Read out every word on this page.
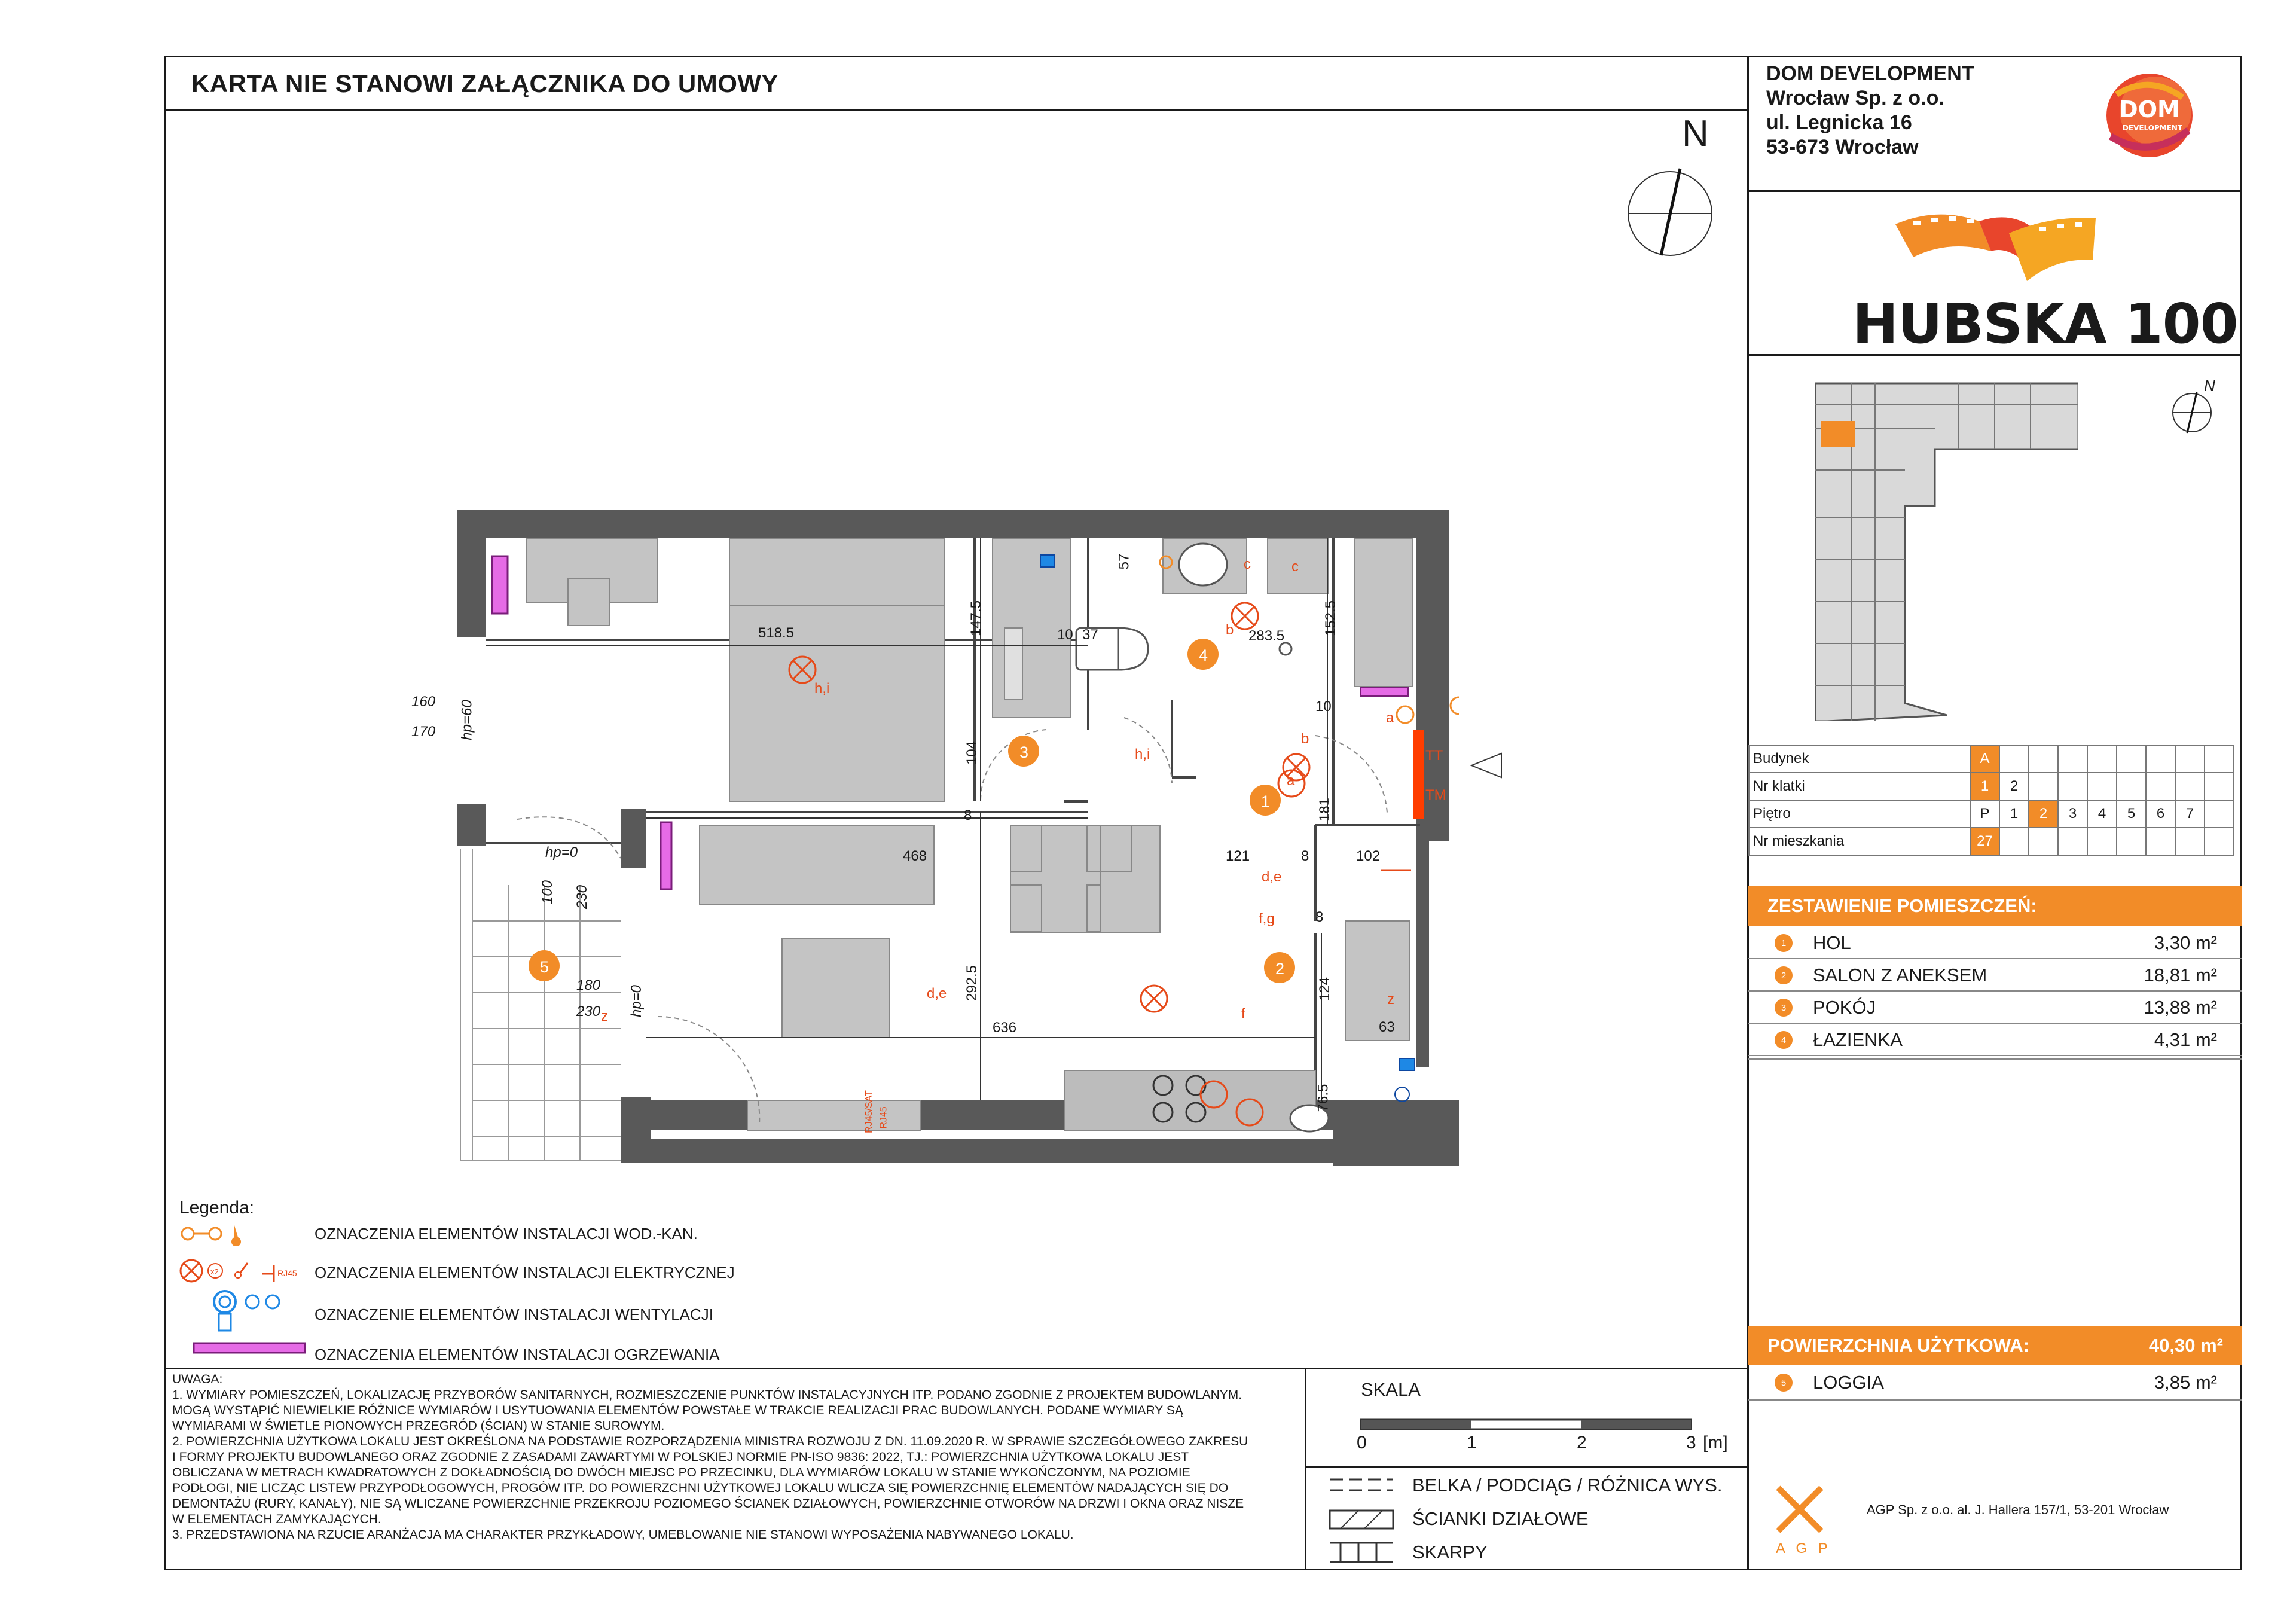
KARTA NIE STANOWI ZAŁĄCZNIKA DO UMOWY	DOM DEVELOPMENT
Wrocław Sp. z o.o.
ul. Legnicka 16
53-673 Wrocław
DOM
DEVELOPMENT
HUBSKA 100
N
Budynek	A								
Nr klatki	1	2							
Piętro	P	1	2	3	4	5	6	7	
Nr mieszkania	27								
ZESTAWIENIE POMIESZCZEŃ:
1	HOL	3,30 m²
2	SALON Z ANEKSEM	18,81 m²
3	POKÓJ	13,88 m²
4	ŁAZIENKA	4,31 m²
POWIERZCHNIA UŻYTKOWA:	40,30 m²
5	LOGGIA	3,85 m²
A G P
AGP Sp. z o.o. al. J. Hallera 157/1, 53-201 Wrocław
N
1
2
3
4
5
518.5	147.5	10 37
57
283.5	152.5
104
8
10
181
468	121	8	102
8
292.5	124
636	63
76.5
160
170 hp=60
hp=0
100 230
180
230 hp=0
h,i
h,i
a
b
b
c	c
a
TT
TM
d,e
f,g
d,e
f
z
z
RJ45
RJ45/SAT
Legenda:
OZNACZENIA ELEMENTÓW INSTALACJI WOD.-KAN.
x2	RJ45 OZNACZENIA ELEMENTÓW INSTALACJI ELEKTRYCZNEJ
OZNACZENIE ELEMENTÓW INSTALACJI WENTYLACJI
OZNACZENIA ELEMENTÓW INSTALACJI OGRZEWANIA
UWAGA:
1. WYMIARY POMIESZCZEŃ, LOKALIZACJĘ PRZYBORÓW SANITARNYCH, ROZMIESZCZENIE PUNKTÓW INSTALACYJNYCH ITP. PODANO ZGODNIE Z PROJEKTEM BUDOWLANYM.
MOGĄ WYSTĄPIĆ NIEWIELKIE RÓŻNICE WYMIARÓW I USYTUOWANIA ELEMENTÓW POWSTAŁE W TRAKCIE REALIZACJI PRAC BUDOWLANYCH. PODANE WYMIARY SĄ
WYMIARAMI W ŚWIETLE PIONOWYCH PRZEGRÓD (ŚCIAN) W STANIE SUROWYM.
2. POWIERZCHNIA UŻYTKOWA LOKALU JEST OKREŚLONA NA PODSTAWIE ROZPORZĄDZENIA MINISTRA ROZWOJU Z DN. 11.09.2020 R. W SPRAWIE SZCZEGÓŁOWEGO ZAKRESU
I FORMY PROJEKTU BUDOWLANEGO ORAZ ZGODNIE Z ZASADAMI ZAWARTYMI W POLSKIEJ NORMIE PN-ISO 9836: 2022, TJ.: POWIERZCHNIA UŻYTKOWA LOKALU JEST
OBLICZANA W METRACH KWADRATOWYCH Z DOKŁADNOŚCIĄ DO DWÓCH MIEJSC PO PRZECINKU, DLA WYMIARÓW LOKALU W STANIE WYKOŃCZONYM, NA POZIOMIE
PODŁOGI, NIE LICZĄC LISTEW PRZYPODŁOGOWYCH, PROGÓW ITP. DO POWIERZCHNI UŻYTKOWEJ LOKALU WLICZA SIĘ POWIERZCHNIĘ ELEMENTÓW NADAJĄCYCH SIĘ DO
DEMONTAŻU (RURY, KANAŁY), NIE SĄ WLICZANE POWIERZCHNIE PRZEKROJU POZIOMEGO ŚCIANEK DZIAŁOWYCH, POWIERZCHNIE OTWORÓW NA DRZWI I OKNA ORAZ NISZE
W ELEMENTACH ZAMYKAJĄCYCH.
3. PRZEDSTAWIONA NA RZUCIE ARANŻACJA MA CHARAKTER PRZYKŁADOWY, UMEBLOWANIE NIE STANOWI WYPOSAŻENIA NABYWANEGO LOKALU.
SKALA
0	1	2	3 [m]
BELKA / PODCIĄG / RÓŻNICA WYS.
ŚCIANKI DZIAŁOWE
SKARPY
